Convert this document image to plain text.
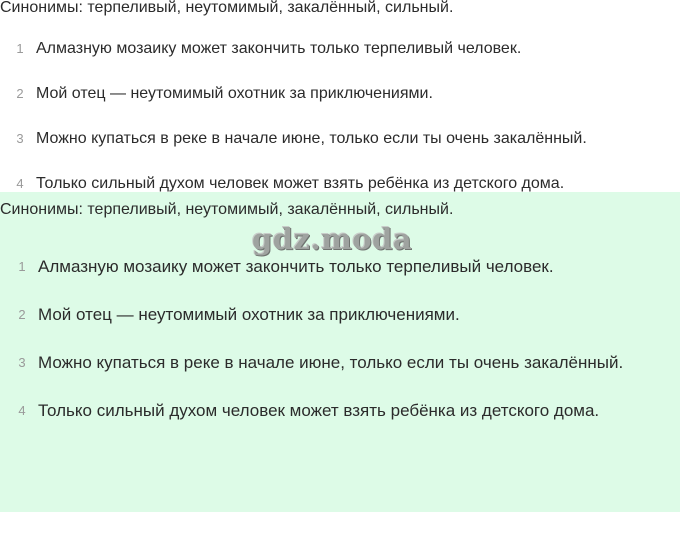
Синонимы: терпеливый, неутомимый, закалённый, сильный.
1 Алмазную мозаику может закончить только терпеливый человек.
2 Мой отец — неутомимый охотник за приключениями.
3 Можно купаться в реке в начале июне, только если ты очень закалённый.
4 Только сильный духом человек может взять ребёнка из детского дома.
Синонимы: терпеливый, неутомимый, закалённый, сильный.
gdz.moda
1 Алмазную мозаику может закончить только терпеливый человек.
2 Мой отец — неутомимый охотник за приключениями.
3 Можно купаться в реке в начале июне, только если ты очень закалённый.
4 Только сильный духом человек может взять ребёнка из детского дома.
